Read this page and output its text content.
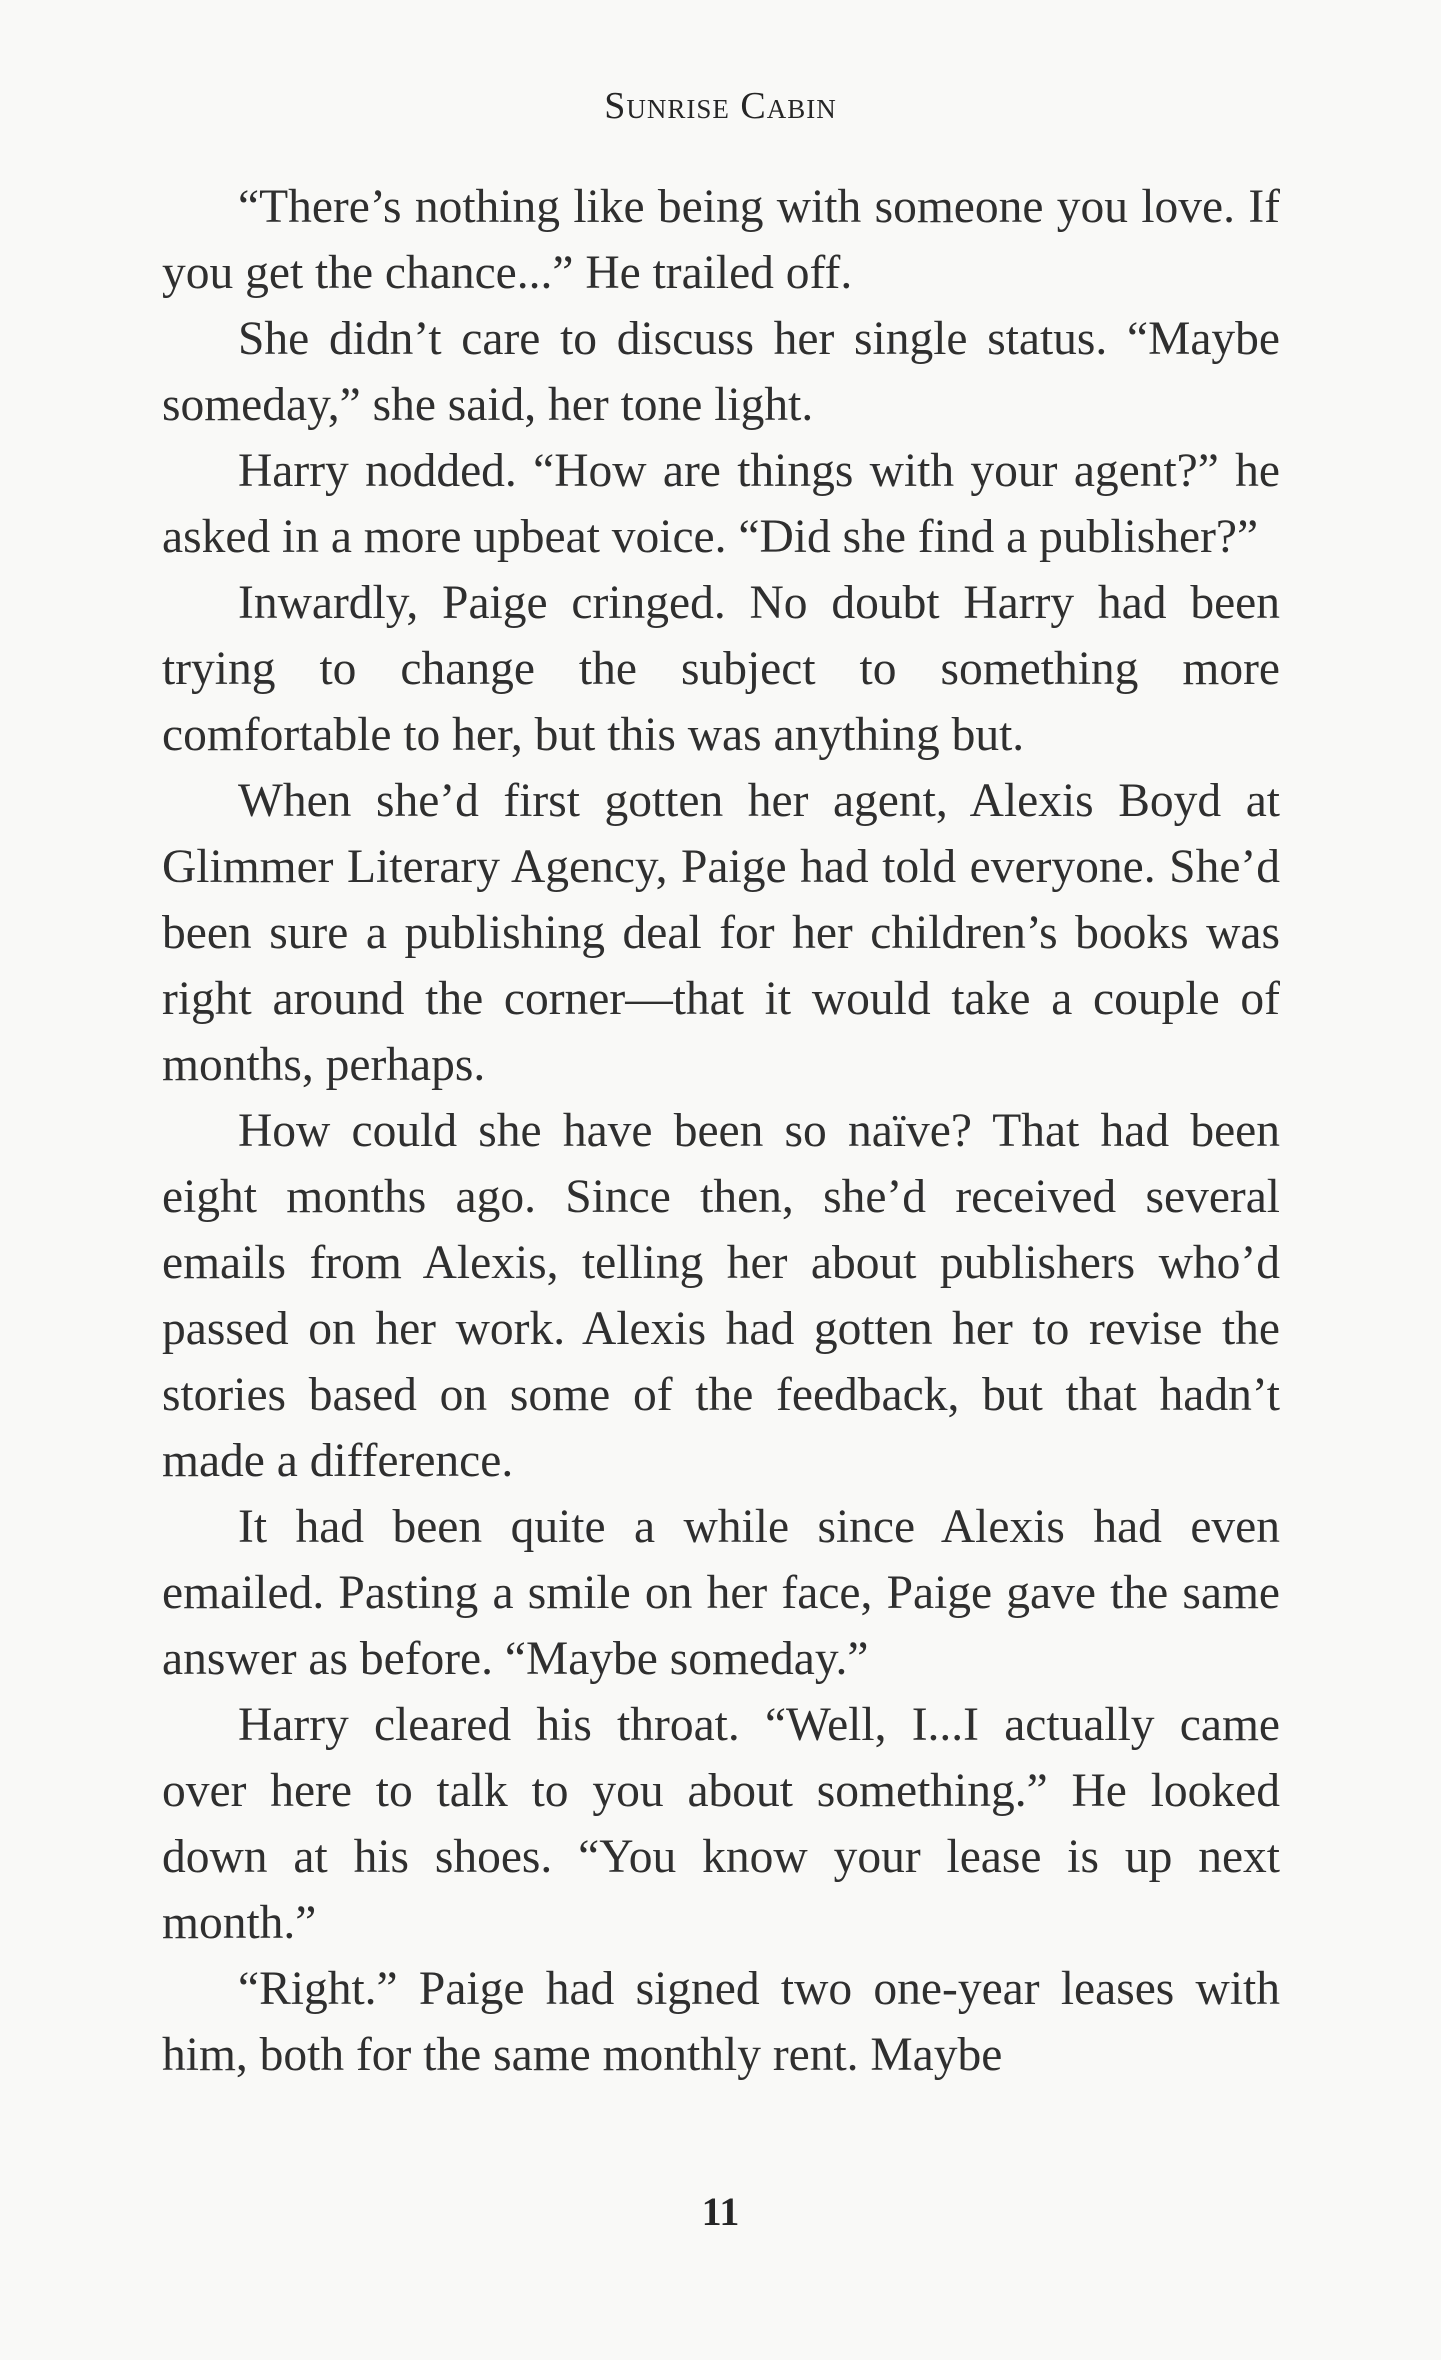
Sunrise Cabin

“There’s nothing like being with someone you love. If you get the chance...” He trailed off.

She didn’t care to discuss her single status. “Maybe someday,” she said, her tone light.

Harry nodded. “How are things with your agent?” he asked in a more upbeat voice. “Did she find a publisher?”

Inwardly, Paige cringed. No doubt Harry had been trying to change the subject to something more comfortable to her, but this was anything but.

When she’d first gotten her agent, Alexis Boyd at Glimmer Literary Agency, Paige had told everyone. She’d been sure a publishing deal for her children’s books was right around the corner—that it would take a couple of months, perhaps.

How could she have been so naïve? That had been eight months ago. Since then, she’d received several emails from Alexis, telling her about publishers who’d passed on her work. Alexis had gotten her to revise the stories based on some of the feedback, but that hadn’t made a difference.

It had been quite a while since Alexis had even emailed. Pasting a smile on her face, Paige gave the same answer as before. “Maybe someday.”

Harry cleared his throat. “Well, I...I actually came over here to talk to you about something.” He looked down at his shoes. “You know your lease is up next month.”

“Right.” Paige had signed two one-year leases with him, both for the same monthly rent. Maybe

11
